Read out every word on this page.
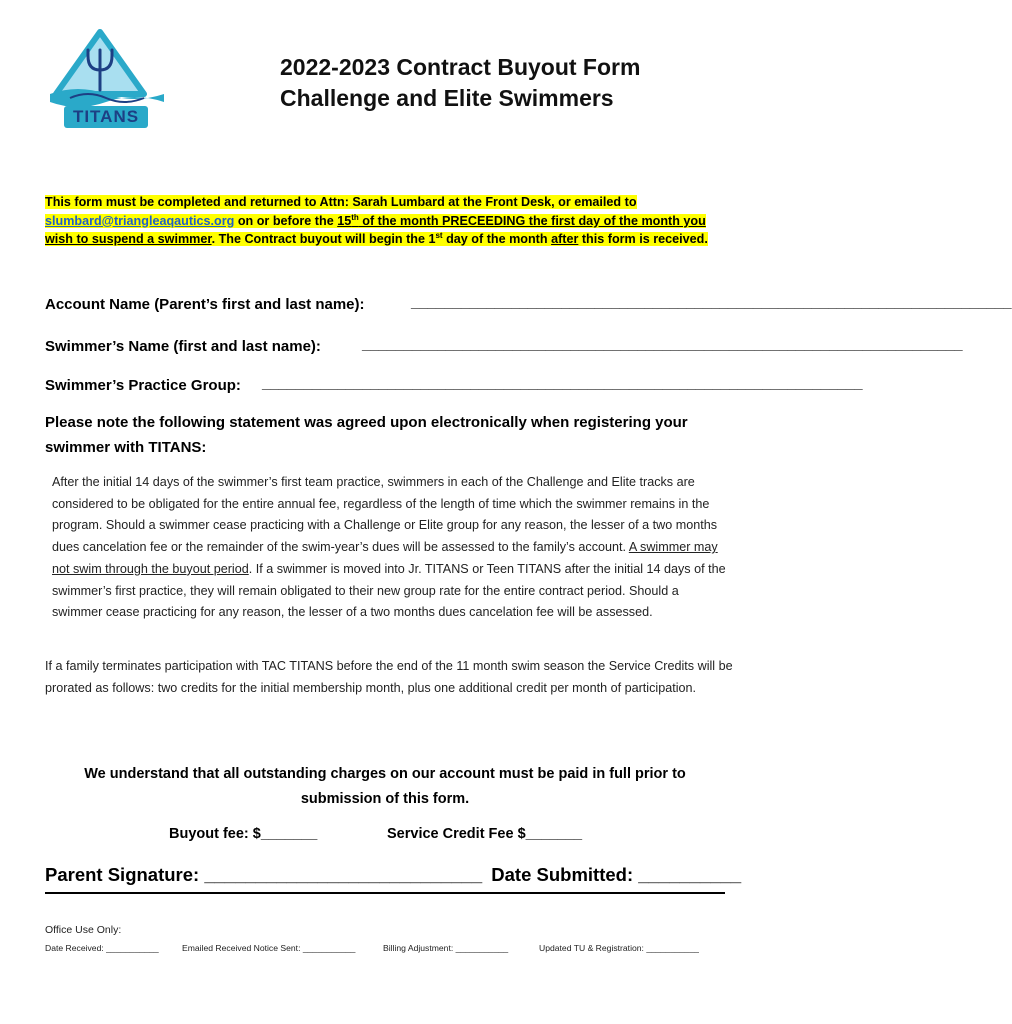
TITANS
2022-2023 Contract Buyout Form
Challenge and Elite Swimmers
This form must be completed and returned to Attn: Sarah Lumbard at the Front Desk, or emailed to
slumbard@triangleaqautics.org on or before the 15th of the month PRECEEDING the first day of the month you wish to suspend a swimmer. The Contract buyout will begin the 1st day of the month after this form is received.
Account Name (Parent’s first and last name):	________________________________________________________________________
Swimmer’s Name (first and last name):	________________________________________________________________________
Swimmer’s Practice Group: ________________________________________________________________________
Please note the following statement was agreed upon electronically when registering your swimmer with TITANS:
After the initial 14 days of the swimmer’s first team practice, swimmers in each of the Challenge and Elite tracks are considered to be obligated for the entire annual fee, regardless of the length of time which the swimmer remains in the program. Should a swimmer cease practicing with a Challenge or Elite group for any reason, the lesser of a two months dues cancelation fee or the remainder of the swim-year’s dues will be assessed to the family’s account. A swimmer may not swim through the buyout period. If a swimmer is moved into Jr. TITANS or Teen TITANS after the initial 14 days of the swimmer’s first practice, they will remain obligated to their new group rate for the entire contract period. Should a swimmer cease practicing for any reason, the lesser of a two months dues cancelation fee will be assessed.
If a family terminates participation with TAC TITANS before the end of the 11 month swim season the Service Credits will be prorated as follows: two credits for the initial membership month, plus one additional credit per month of participation.
We understand that all outstanding charges on our account must be paid in full prior to submission of this form.
Buyout fee: $_______	Service Credit Fee $_______
Parent Signature: ___________________________ Date Submitted: __________
Office Use Only:
Date Received: ___________	Emailed Received Notice Sent: ___________	Billing Adjustment: ___________	Updated TU & Registration: ___________
